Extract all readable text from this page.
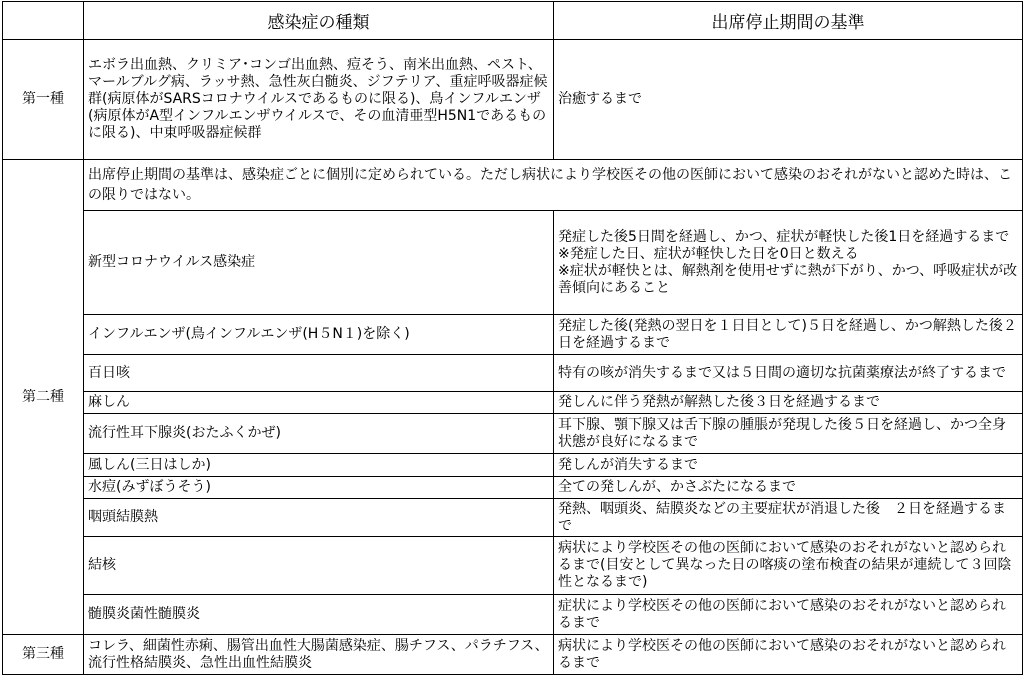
	感染症の種類	出席停止期間の基準
第一種	エボラ出血熱、クリミア･コンゴ出血熱、痘そう、南米出血熱、ペスト、マールブルグ病、ラッサ熱、急性灰白髄炎、ジフテリア、重症呼吸器症候群(病原体がSARSコロナウイルスであるものに限る)、鳥インフルエンザ(病原体がA型インフルエンザウイルスで、その血清亜型H5N1であるものに限る)、中東呼吸器症候群	治癒するまで
第二種	出席停止期間の基準は、感染症ごとに個別に定められている。ただし病状により学校医その他の医師において感染のおそれがないと認めた時は、この限りではない。	
	新型コロナウイルス感染症	発症した後5日間を経過し、かつ、症状が軽快した後1日を経過するまで
※発症した日、症状が軽快した日を0日と数える
※症状が軽快とは、解熱剤を使用せずに熱が下がり、かつ、呼吸症状が改善傾向にあること
	インフルエンザ(鳥インフルエンザ(H５N１)を除く)	発症した後(発熱の翌日を１日目として)５日を経過し、かつ解熱した後２日を経過するまで
	百日咳	特有の咳が消失するまで又は５日間の適切な抗菌薬療法が終了するまで
	麻しん	発しんに伴う発熱が解熱した後３日を経過するまで
	流行性耳下腺炎(おたふくかぜ)	耳下腺、顎下腺又は舌下腺の腫脹が発現した後５日を経過し、かつ全身状態が良好になるまで
	風しん(三日はしか)	発しんが消失するまで
	水痘(みずぼうそう)	全ての発しんが、かさぶたになるまで
	咽頭結膜熱	発熱、咽頭炎、結膜炎などの主要症状が消退した後　２日を経過するまで
	結核	病状により学校医その他の医師において感染のおそれがないと認められるまで(目安として異なった日の喀痰の塗布検査の結果が連続して３回陰性となるまで)
	髄膜炎菌性髄膜炎	症状により学校医その他の医師において感染のおそれがないと認められるまで
第三種	コレラ、細菌性赤痢、腸管出血性大腸菌感染症、腸チフス、パラチフス、流行性格結膜炎、急性出血性結膜炎	病状により学校医その他の医師において感染のおそれがないと認められるまで
